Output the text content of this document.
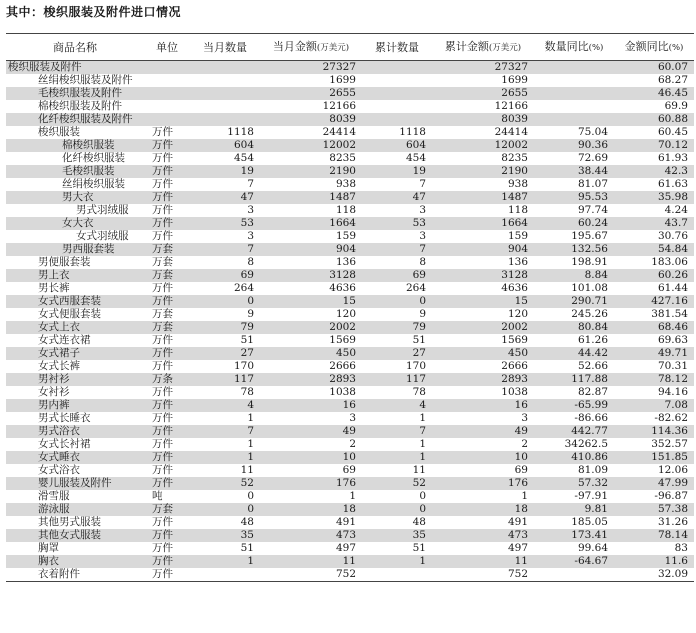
其中：梭织服装及附件进口情况
商品名称	单位	当月数量	当月金额(万美元)	累计数量	累计金额(万美元)	数量同比(%)	金额同比(%)
梭织服装及附件			27327		27327		60.07
丝绢梭织服装及附件			1699		1699		68.27
毛梭织服装及附件			2655		2655		46.45
棉梭织服装及附件			12166		12166		69.9
化纤梭织服装及附件			8039		8039		60.88
梭织服装	万件	1118	24414	1118	24414	75.04	60.45
棉梭织服装	万件	604	12002	604	12002	90.36	70.12
化纤梭织服装	万件	454	8235	454	8235	72.69	61.93
毛梭织服装	万件	19	2190	19	2190	38.44	42.3
丝绢梭织服装	万件	7	938	7	938	81.07	61.63
男大衣	万件	47	1487	47	1487	95.53	35.98
男式羽绒服	万件	3	118	3	118	97.74	4.24
女大衣	万件	53	1664	53	1664	60.24	43.7
女式羽绒服	万件	3	159	3	159	195.67	30.76
男西服套装	万套	7	904	7	904	132.56	54.84
男便服套装	万套	8	136	8	136	198.91	183.06
男上衣	万套	69	3128	69	3128	8.84	60.26
男长裤	万件	264	4636	264	4636	101.08	61.44
女式西服套装	万件	0	15	0	15	290.71	427.16
女式便服套装	万套	9	120	9	120	245.26	381.54
女式上衣	万套	79	2002	79	2002	80.84	68.46
女式连衣裙	万件	51	1569	51	1569	61.26	69.63
女式裙子	万件	27	450	27	450	44.42	49.71
女式长裤	万件	170	2666	170	2666	52.66	70.31
男衬衫	万条	117	2893	117	2893	117.88	78.12
女衬衫	万件	78	1038	78	1038	82.87	94.16
男内裤	万件	4	16	4	16	-65.99	7.08
男式长睡衣	万件	1	3	1	3	-86.66	-82.62
男式浴衣	万件	7	49	7	49	442.77	114.36
女式长衬裙	万件	1	2	1	2	34262.5	352.57
女式睡衣	万件	1	10	1	10	410.86	151.85
女式浴衣	万件	11	69	11	69	81.09	12.06
婴儿服装及附件	万件	52	176	52	176	57.32	47.99
滑雪服	吨	0	1	0	1	-97.91	-96.87
游泳服	万套	0	18	0	18	9.81	57.38
其他男式服装	万件	48	491	48	491	185.05	31.26
其他女式服装	万件	35	473	35	473	173.41	78.14
胸罩	万件	51	497	51	497	99.64	83
胸衣	万件	1	11	1	11	-64.67	11.6
衣着附件	万件		752		752		32.09
